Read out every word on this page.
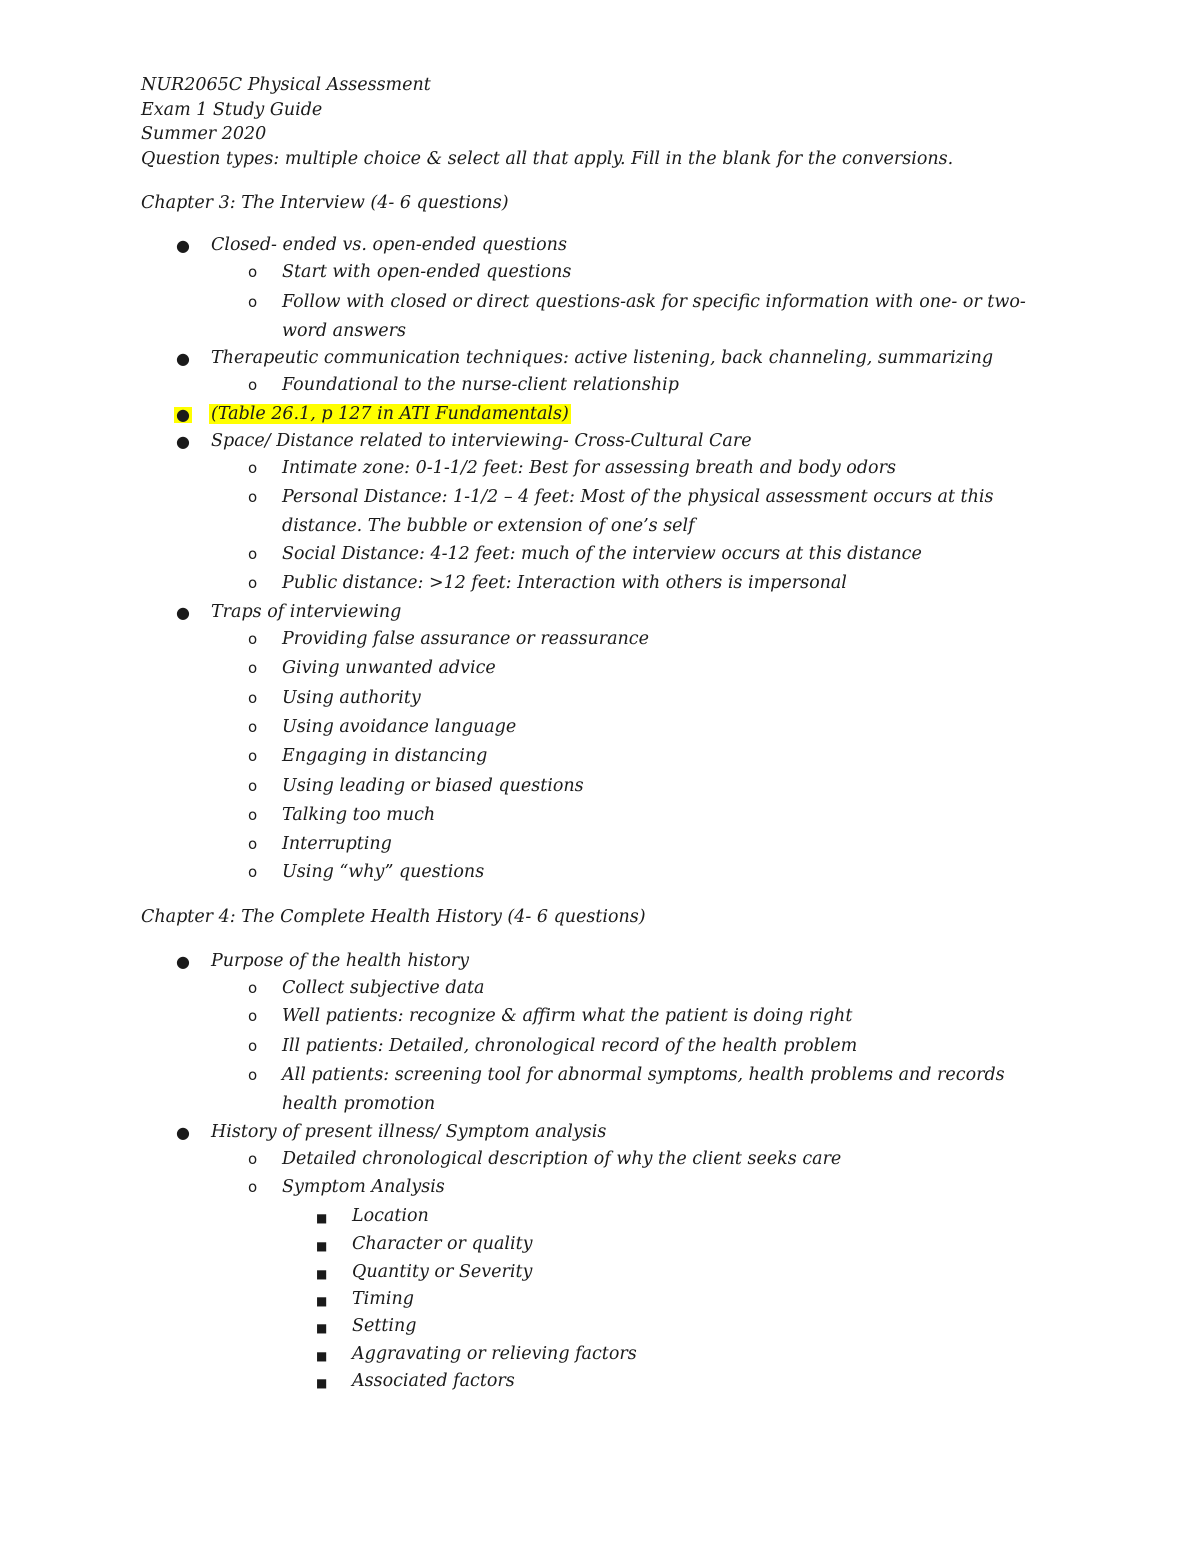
NUR2065C Physical Assessment
Exam 1 Study Guide
Summer 2020
Question types: multiple choice & select all that apply. Fill in the blank for the conversions.
Chapter 3: The Interview (4- 6 questions)
● Closed- ended vs. open-ended questions
o Start with open-ended questions
o Follow with closed or direct questions-ask for specific information with one- or two-
word answers
● Therapeutic communication techniques: active listening, back channeling, summarizing
o Foundational to the nurse-client relationship
● (Table 26.1, p 127 in ATI Fundamentals)
● Space/ Distance related to interviewing- Cross-Cultural Care
o Intimate zone: 0-1-1/2 feet: Best for assessing breath and body odors
o Personal Distance: 1-1/2 – 4 feet: Most of the physical assessment occurs at this
distance. The bubble or extension of one’s self
o Social Distance: 4-12 feet: much of the interview occurs at this distance
o Public distance: >12 feet: Interaction with others is impersonal
● Traps of interviewing
o Providing false assurance or reassurance
o Giving unwanted advice
o Using authority
o Using avoidance language
o Engaging in distancing
o Using leading or biased questions
o Talking too much
o Interrupting
o Using “why” questions
Chapter 4: The Complete Health History (4- 6 questions)
● Purpose of the health history
o Collect subjective data
o Well patients: recognize & affirm what the patient is doing right
o Ill patients: Detailed, chronological record of the health problem
o All patients: screening tool for abnormal symptoms, health problems and records
health promotion
● History of present illness/ Symptom analysis
o Detailed chronological description of why the client seeks care
o Symptom Analysis
■ Location
■ Character or quality
■ Quantity or Severity
■ Timing
■ Setting
■ Aggravating or relieving factors
■ Associated factors
